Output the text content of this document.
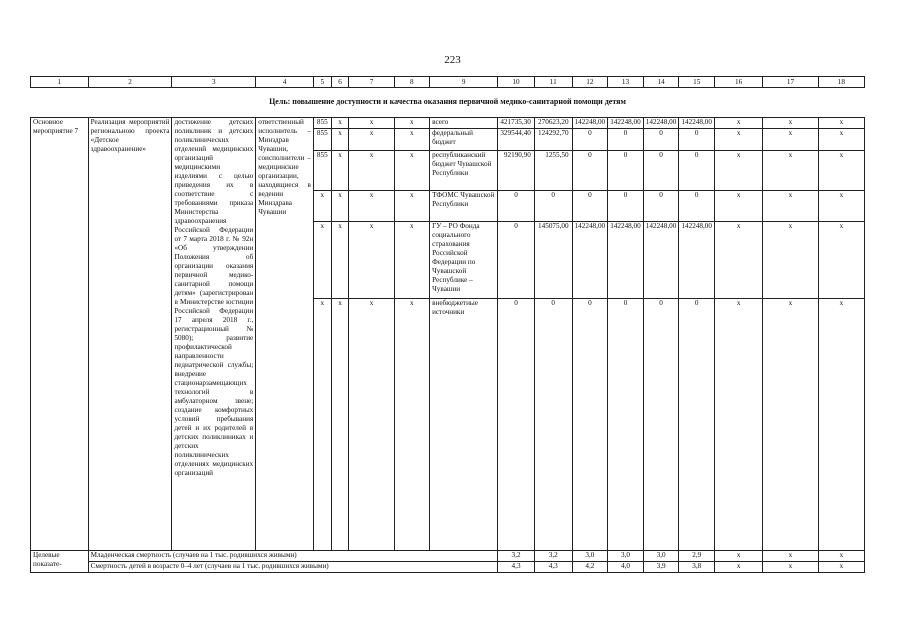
223
1	2	3	4	5	6	7	8	9	10	11	12	13	14	15	16	17	18
Цель: повышение доступности и качества оказания первичной медико-санитарной помощи детям
Основное мероприятие 7	Реализация мероприятий региональною проекта «Детское здравоохранение»	достижение детских поликлиник и детских поликлинических отделений медицинских организаций медицинскими изделиями с целью приведения их в соответствие с требованиями приказа Министерства здравоохранения Российской Федерации от 7 марта 2018 г. № 92н «Об утверждении Положения об организации оказания первичной медико-санитарной помощи детям» (зарегистрирован в Министерстве юстиции Российской Федерации 17 апреля 2018 г., регистрационный № 5080); развитие профилактической направленности педиатрической службы; внедрение стационарзамещающих технологий в амбулаторном звене; создание комфортных условий пребывания детей и их родителей в детских поликлиниках и детских поликлинических отделениях медицинских организаций	ответственный исполнитель – Минздрав Чувашии, соисполнители – медицинские организации, находящиеся в ведении Минздрава Чувашии	855	x	x	x	всего	421735,30	270623,20	142248,00	142248,00	142248,00	142248,00	x	x	x
				855	x	x	x	федеральный бюджет	329544,40	124292,70	0	0	0	0	x	x	x
				855	x	x	x	республиканский бюджет Чувашской Республики	92190,90	1255,50	0	0	0	0	x	x	x
				x	x	x	x	ТФОМС Чувашской Республики	0	0	0	0	0	0	x	x	x
				x	x	x	x	ГУ – РО Фонда социального страхования Российской Федерации по Чувашской Республике – Чувашии	0	145075,00	142248,00	142248,00	142248,00	142248,00	x	x	x
				x	x	x	x	внебюджетные источники	0	0	0	0	0	0	x	x	x
Целевые показате-	Младенческая смертность (случаев на 1 тыс. родившихся живыми)								3,2	3,2	3,0	3,0	3,0	2,9	x	x	x
	Смертность детей в возрасте 0–4 лет (случаев на 1 тыс. родившихся живыми)								4,3	4,3	4,2	4,0	3,9	3,8	x	x	x
